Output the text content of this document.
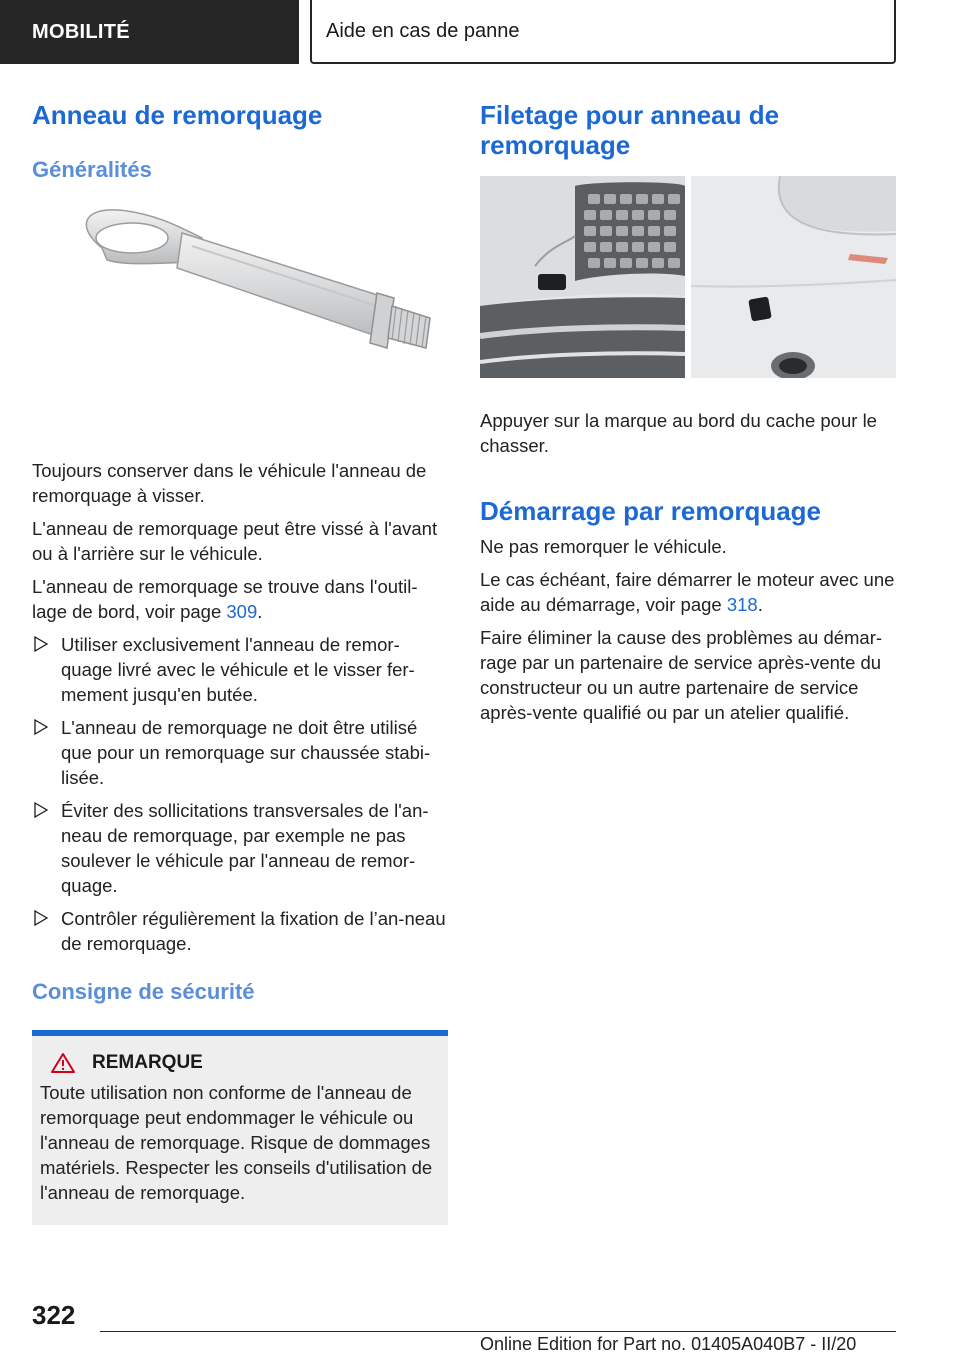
MOBILITÉ	Aide en cas de panne
Anneau de remorquage
Généralités

Toujours conserver dans le véhicule l'anneau de remorquage à visser.

L'anneau de remorquage peut être vissé à l'avant ou à l'arrière sur le véhicule.

L'anneau de remorquage se trouve dans l'outil-lage de bord, voir page 309.

Utiliser exclusivement l'anneau de remor-quage livré avec le véhicule et le visser fer-mement jusqu'en butée.
L'anneau de remorquage ne doit être utilisé que pour un remorquage sur chaussée stabi-lisée.
Éviter des sollicitations transversales de l'an-neau de remorquage, par exemple ne pas soulever le véhicule par l'anneau de remor-quage.
Contrôler régulièrement la fixation de l’an-neau de remorquage.
Consigne de sécurité
REMARQUE
Toute utilisation non conforme de l'anneau de remorquage peut endommager le véhicule ou l'anneau de remorquage. Risque de dommages matériels. Respecter les conseils d'utilisation de l'anneau de remorquage.
Filetage pour anneau de remorquage

Appuyer sur la marque au bord du cache pour le chasser.

Démarrage par remorquage

Ne pas remorquer le véhicule.

Le cas échéant, faire démarrer le moteur avec une aide au démarrage, voir page 318.

Faire éliminer la cause des problèmes au démar-rage par un partenaire de service après-vente du constructeur ou un autre partenaire de service après-vente qualifié ou par un atelier qualifié.

322
Online Edition for Part no. 01405A040B7 - II/20
